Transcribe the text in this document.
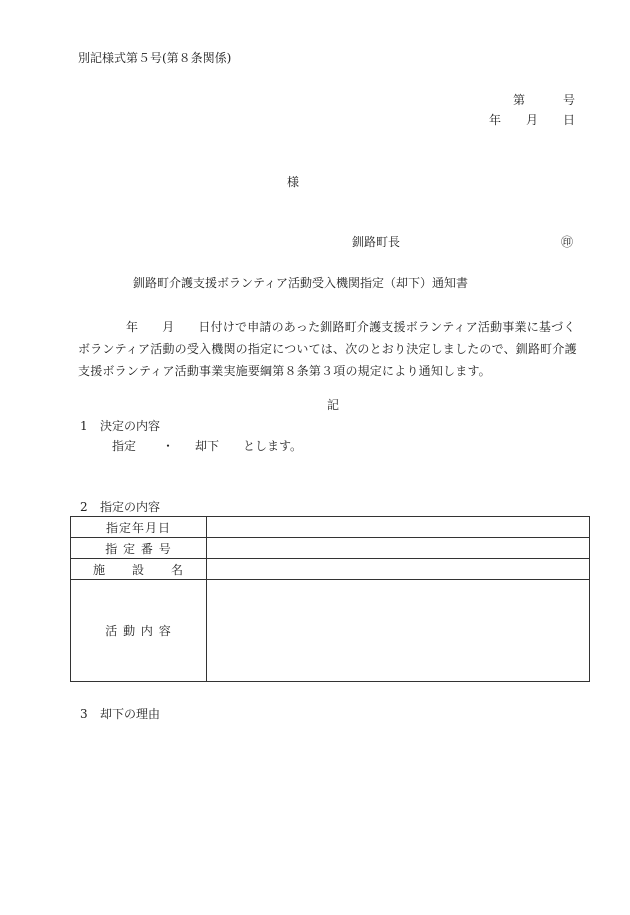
別記様式第５号(第８条関係)
第	号
年 月 日
様
釧路町長	㊞
釧路町介護支援ボランティア活動受入機関指定（却下）通知書
年 月 日付けで申請のあった釧路町介護支援ボランティア活動事業に基づく
ボランティア活動の受入機関の指定については、次のとおり決定しましたので、釧路町介護
支援ボランティア活動事業実施要綱第８条第３項の規定により通知します。
記
1 決定の内容
指定 ・ 却下 とします。
2 指定の内容
指定年月日	
指 定 番 号	
施　　設　　名	
活 動 内 容	
3 却下の理由
